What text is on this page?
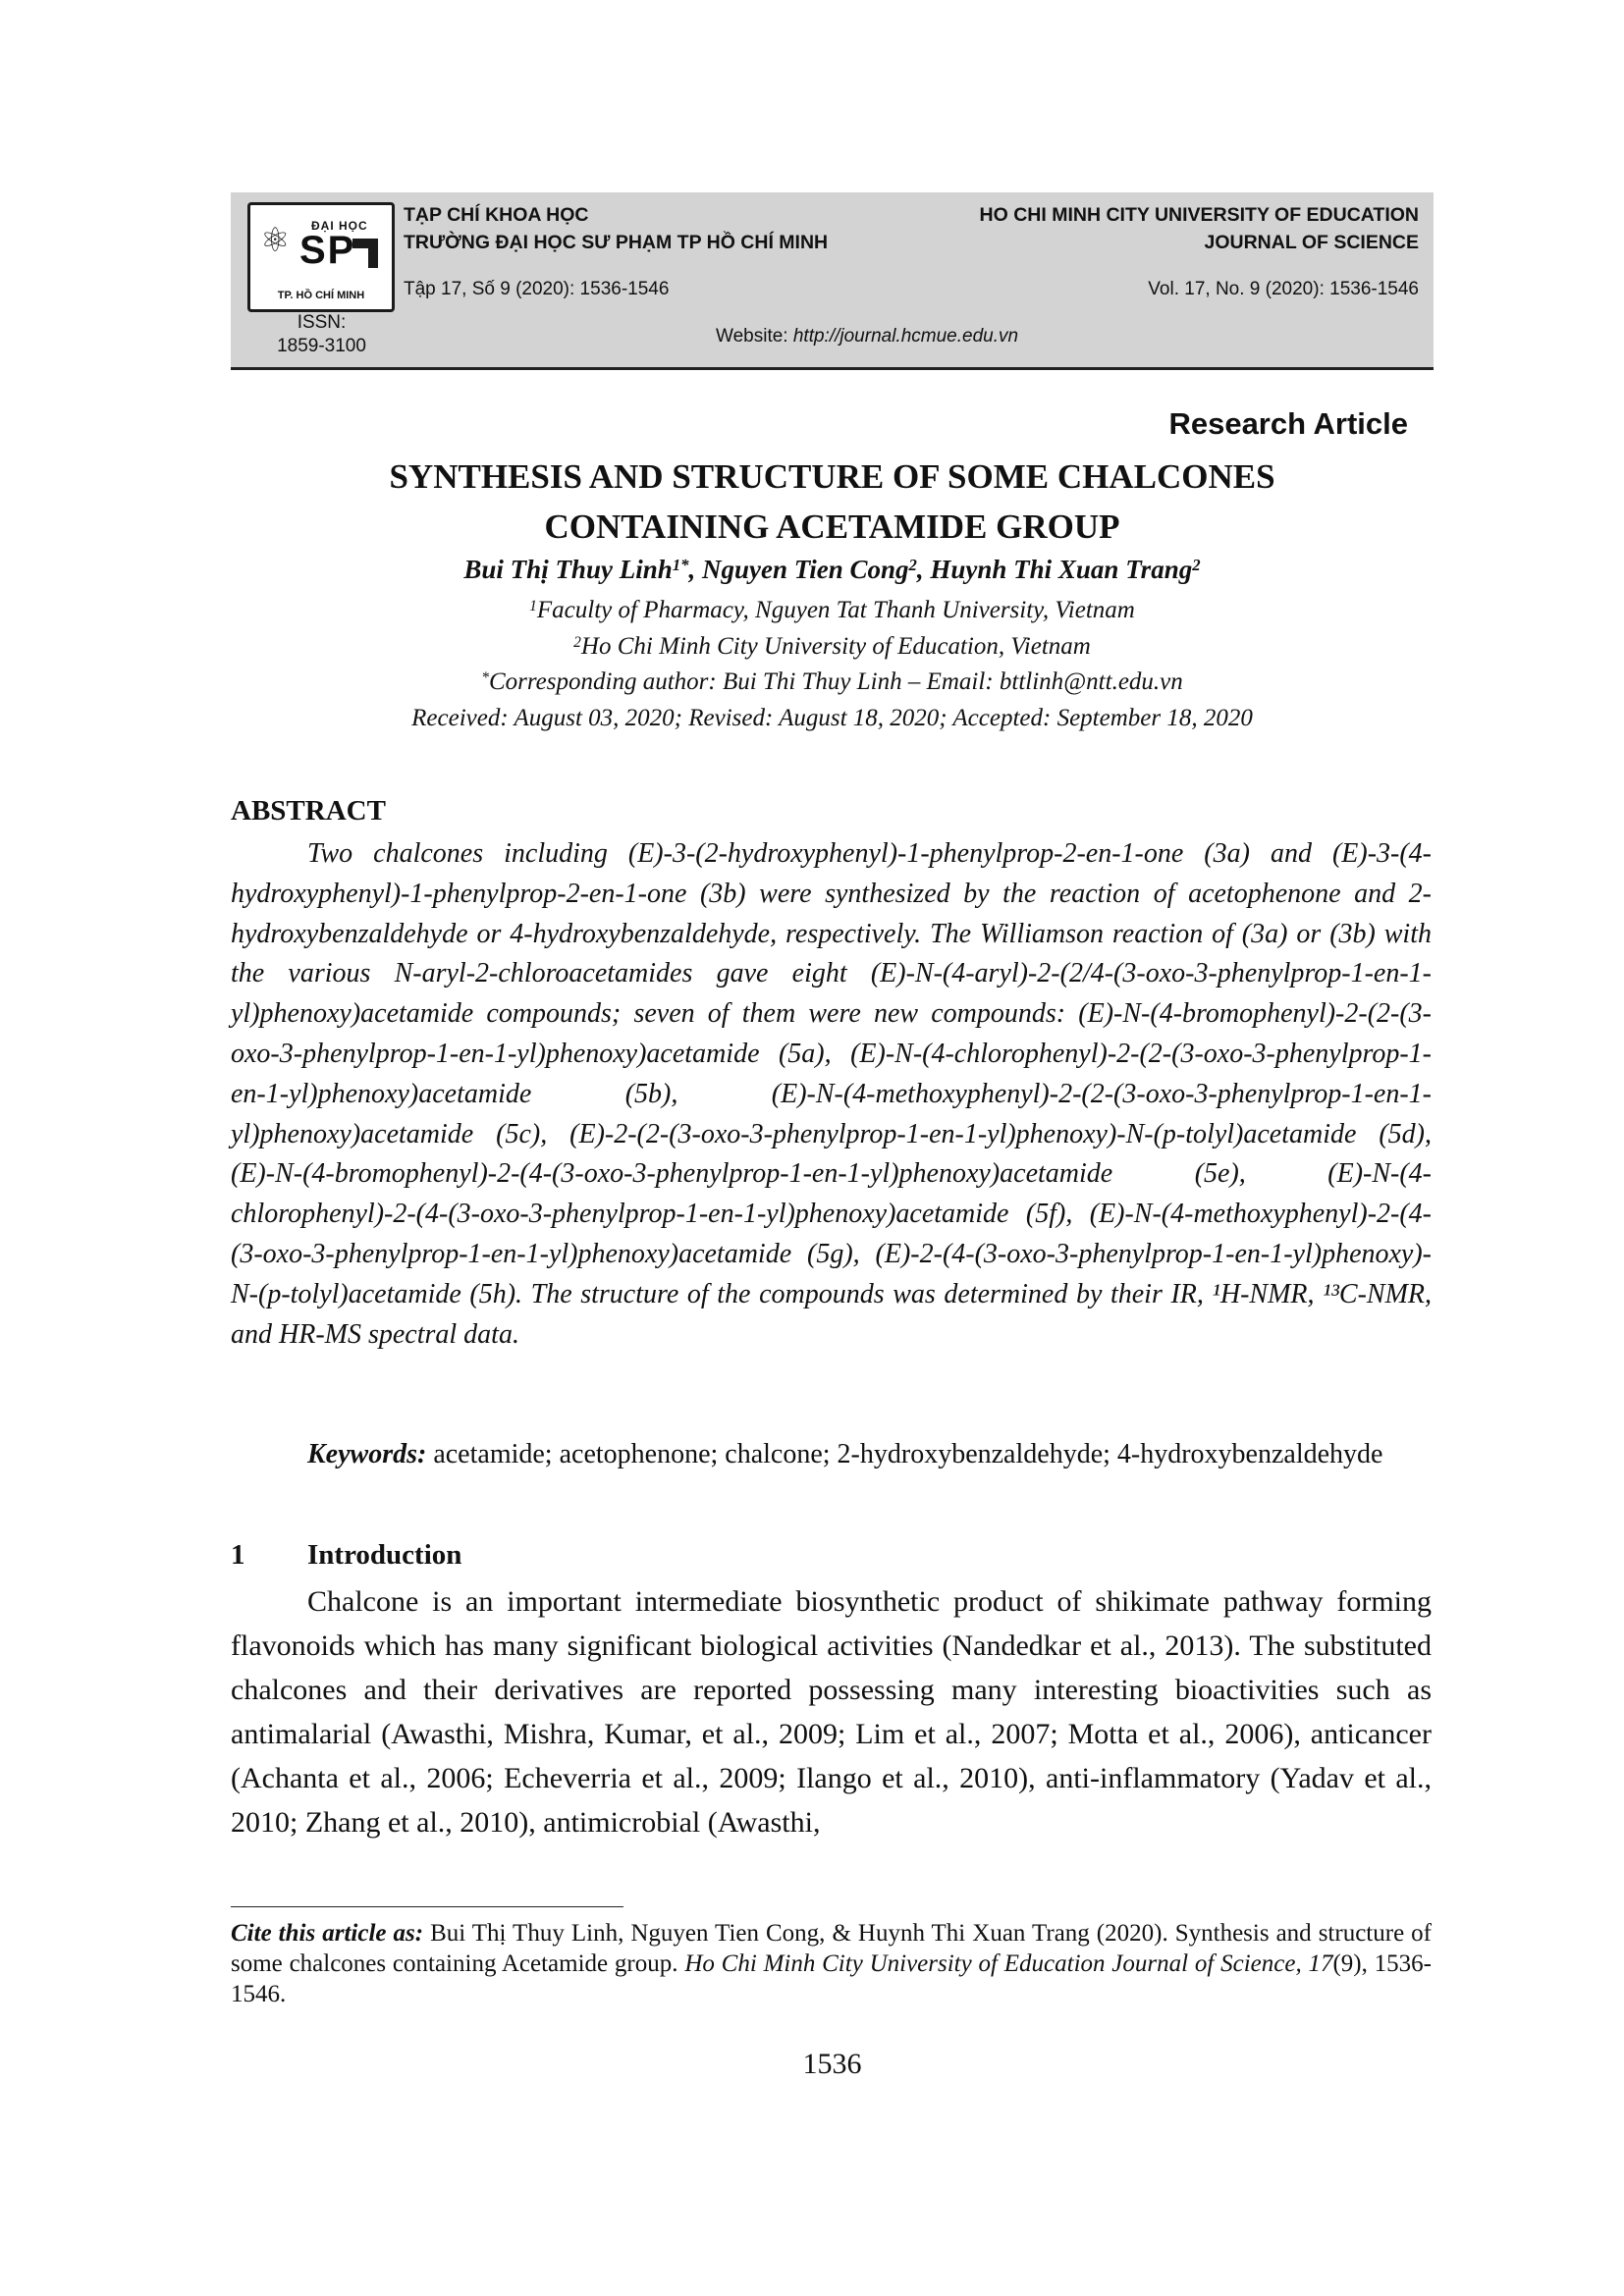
⚛ ĐẠI HỌC
SP
TP. HỒ CHÍ MINH
ISSN:
1859-3100
TẠP CHÍ KHOA HỌC
TRƯỜNG ĐẠI HỌC SƯ PHẠM TP HỒ CHÍ MINH
HO CHI MINH CITY UNIVERSITY OF EDUCATION
JOURNAL OF SCIENCE
Tập 17, Số 9 (2020): 1536-1546	Vol. 17, No. 9 (2020): 1536-1546
Website: http://journal.hcmue.edu.vn
Research Article
SYNTHESIS AND STRUCTURE OF SOME CHALCONES
CONTAINING ACETAMIDE GROUP
Bui Thị Thuy Linh$^{1*}$, Nguyen Tien Cong$^2$, Huynh Thi Xuan Trang$^2$
$^1$Faculty of Pharmacy, Nguyen Tat Thanh University, Vietnam
$^2$Ho Chi Minh City University of Education, Vietnam
*Corresponding author: Bui Thi Thuy Linh – Email: bttlinh@ntt.edu.vn
Received: August 03, 2020; Revised: August 18, 2020; Accepted: September 18, 2020
ABSTRACT

Two chalcones including (E)-3-(2-hydroxyphenyl)-1-phenylprop-2-en-1-one (3a) and (E)-3-(4-hydroxyphenyl)-1-phenylprop-2-en-1-one (3b) were synthesized by the reaction of acetophenone and 2-hydroxybenzaldehyde or 4-hydroxybenzaldehyde, respectively. The Williamson reaction of (3a) or (3b) with the various N-aryl-2-chloroacetamides gave eight (E)-N-(4-aryl)-2-(2/4-(3-oxo-3-phenylprop-1-en-1-yl)phenoxy)acetamide compounds; seven of them were new compounds: (E)-N-(4-bromophenyl)-2-(2-(3-oxo-3-phenylprop-1-en-1-yl)phenoxy)acetamide (5a), (E)-N-(4-chlorophenyl)-2-(2-(3-oxo-3-phenylprop-1-en-1-yl)phenoxy)acetamide (5b), (E)-N-(4-methoxyphenyl)-2-(2-(3-oxo-3-phenylprop-1-en-1-yl)phenoxy)acetamide (5c), (E)-2-(2-(3-oxo-3-phenylprop-1-en-1-yl)phenoxy)-N-(p-tolyl)acetamide (5d), (E)-N-(4-bromophenyl)-2-(4-(3-oxo-3-phenylprop-1-en-1-yl)phenoxy)acetamide (5e), (E)-N-(4-chlorophenyl)-2-(4-(3-oxo-3-phenylprop-1-en-1-yl)phenoxy)acetamide (5f), (E)-N-(4-methoxyphenyl)-2-(4-(3-oxo-3-phenylprop-1-en-1-yl)phenoxy)acetamide (5g), (E)-2-(4-(3-oxo-3-phenylprop-1-en-1-yl)phenoxy)-N-(p-tolyl)acetamide (5h). The structure of the compounds was determined by their IR, ¹H-NMR, ¹³C-NMR, and HR-MS spectral data.

Keywords: acetamide; acetophenone; chalcone; 2-hydroxybenzaldehyde; 4-hydroxybenzaldehyde

1 Introduction

Chalcone is an important intermediate biosynthetic product of shikimate pathway forming flavonoids which has many significant biological activities (Nandedkar et al., 2013). The substituted chalcones and their derivatives are reported possessing many interesting bioactivities such as antimalarial (Awasthi, Mishra, Kumar, et al., 2009; Lim et al., 2007; Motta et al., 2006), anticancer (Achanta et al., 2006; Echeverria et al., 2009; Ilango et al., 2010), anti-inflammatory (Yadav et al., 2010; Zhang et al., 2010), antimicrobial (Awasthi,

Cite this article as: Bui Thị Thuy Linh, Nguyen Tien Cong, & Huynh Thi Xuan Trang (2020). Synthesis and structure of some chalcones containing Acetamide group. Ho Chi Minh City University of Education Journal of Science, 17(9), 1536-1546.

1536
